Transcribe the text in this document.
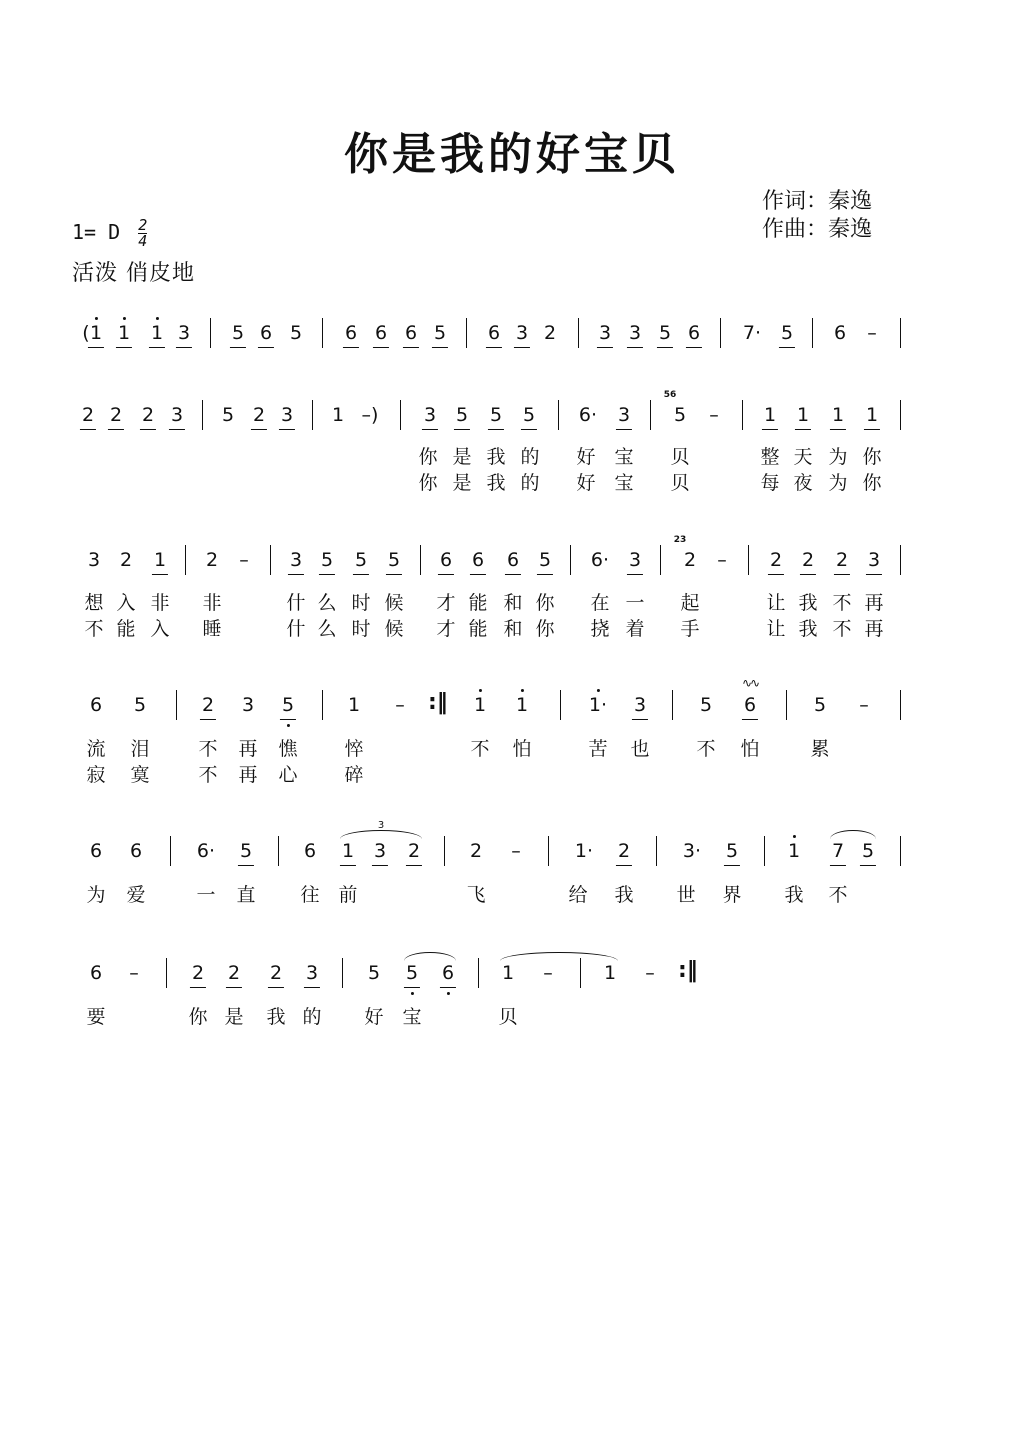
你是我的好宝贝
作词：秦逸
作曲：秦逸
1= D $\frac{2}{4}$
活泼 俏皮地
( 1 1 1 3 5 6 5 6 6 6 5 6 3 2 3 3 5 6 7· 5 6 –
2 2 2 3 5 2 3 1 –) 3 5 5 5 6· 3 5
56
– 1 1 1 1
你 是 我 的 好 宝 贝	整 天 为 你
你 是 我 的 好 宝 贝	每 夜 为 你
3 2 1 2 – 3 5 5 5 6 6 6 5 6· 3 2
23
– 2 2 2 3
想 入 非 非	什 么 时 候 才 能 和 你 在 一 起	让 我 不 再
不 能 入 睡	什 么 时 候 才 能 和 你 挠 着 手	让 我 不 再
6 5	2 3 5	1 – :‖ 1 1	1· 3	5 6
∿∿
5 –
流 泪	不 再 憔 悴	不 怕	苦 也 不 怕	累
寂 寞	不 再 心 碎
6 6	6· 5	6 1 3 2	2 –	1· 2	3· 5	1 7 5
为 爱	一 直 往 前	飞	给 我 世 界 我 不
6 –	2 2 2 3	5 5 6	1 –	1 – :‖
要	你 是 我 的 好 宝	贝
3
